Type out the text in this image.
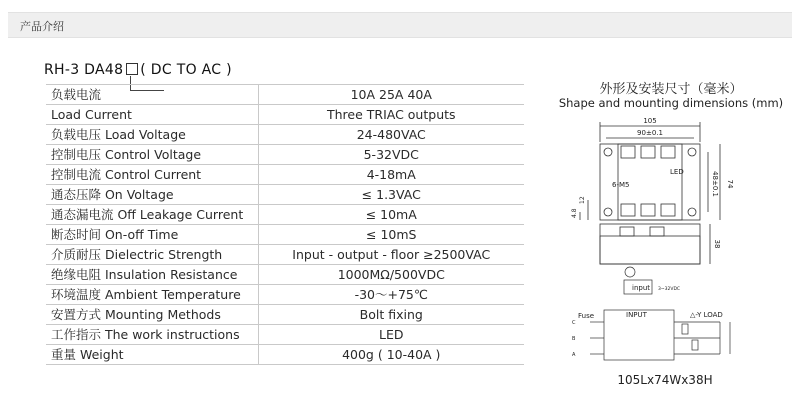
产品介绍
RH-3 DA48 ( DC TO AC )
负载电流	10A 25A 40A
Load Current	Three TRIAC outputs
负载电压 Load Voltage	24-480VAC
控制电压 Control Voltage	5-32VDC
控制电流 Control Current	4-18mA
通态压降 On Voltage	≤ 1.3VAC
通态漏电流 Off Leakage Current	≤ 10mA
断态时间 On-off Time	≤ 10mS
介质耐压 Dielectric Strength	Input - output - floor ≥2500VAC
绝缘电阻 Insulation Resistance	1000MΩ/500VDC
环境温度 Ambient Temperature	-30～+75℃
安置方式 Mounting Methods	Bolt fixing
工作指示 The work instructions	LED
重量 Weight	400g ( 10-40A )
外形及安装尺寸（毫米）
Shape and mounting dimensions (mm)
105
90±0.1
48±0.1 74
6-M5
LED
12
4.8
38
input 3~32VDC
Fuse	INPUT	△-Y LOAD
C
B
A
105Lx74Wx38H
